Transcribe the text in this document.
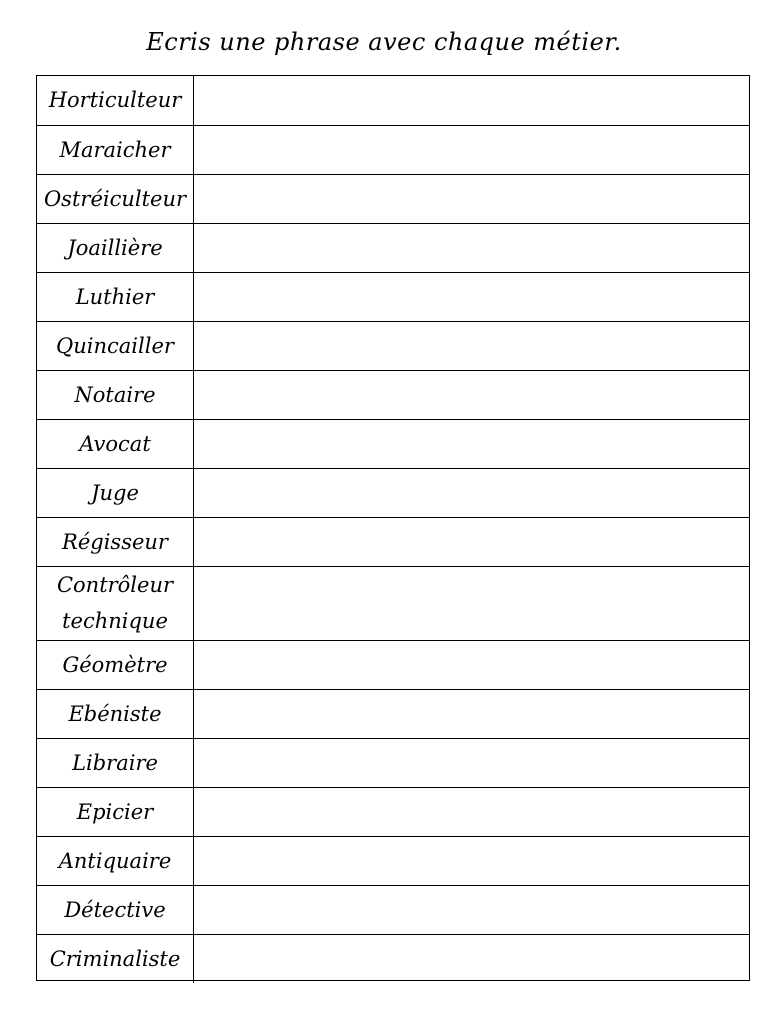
Ecris une phrase avec chaque métier.
Horticulteur	
Maraicher	
Ostréiculteur	
Joaillière	
Luthier	
Quincailler	
Notaire	
Avocat	
Juge	
Régisseur	
Contrôleur technique	
Géomètre	
Ebéniste	
Libraire	
Epicier	
Antiquaire	
Détective	
Criminaliste	
